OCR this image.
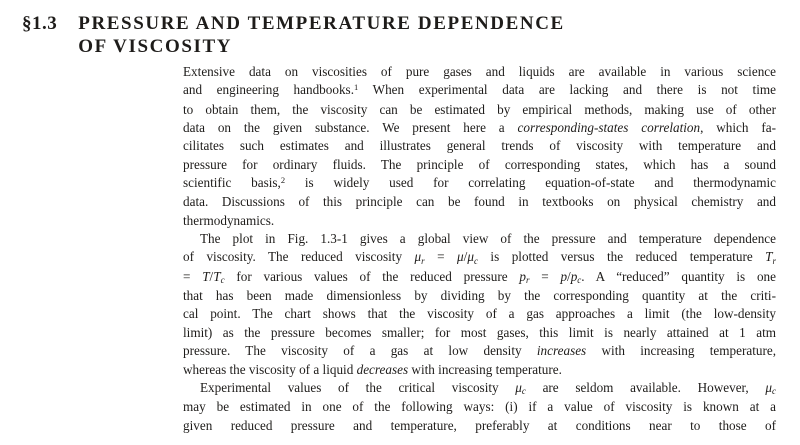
§1.3 PRESSURE AND TEMPERATURE DEPENDENCE
OF VISCOSITY
Extensive data on viscosities of pure gases and liquids are available in various science
and engineering handbooks.$^1$ When experimental data are lacking and there is not time
to obtain them, the viscosity can be estimated by empirical methods, making use of other
data on the given substance. We present here a corresponding-states correlation, which fa-
cilitates such estimates and illustrates general trends of viscosity with temperature and
pressure for ordinary fluids. The principle of corresponding states, which has a sound
scientific basis,$^2$ is widely used for correlating equation-of-state and thermodynamic
data. Discussions of this principle can be found in textbooks on physical chemistry and
thermodynamics.
The plot in Fig. 1.3-1 gives a global view of the pressure and temperature dependence
of viscosity. The reduced viscosity μr = μ/μc is plotted versus the reduced temperature Tr
= T/Tc for various values of the reduced pressure pr = p/pc. A “reduced” quantity is one
that has been made dimensionless by dividing by the corresponding quantity at the criti-
cal point. The chart shows that the viscosity of a gas approaches a limit (the low-density
limit) as the pressure becomes smaller; for most gases, this limit is nearly attained at 1 atm
pressure. The viscosity of a gas at low density increases with increasing temperature,
whereas the viscosity of a liquid decreases with increasing temperature.
Experimental values of the critical viscosity μc are seldom available. However, μc
may be estimated in one of the following ways: (i) if a value of viscosity is known at a
given reduced pressure and temperature, preferably at conditions near to those of
